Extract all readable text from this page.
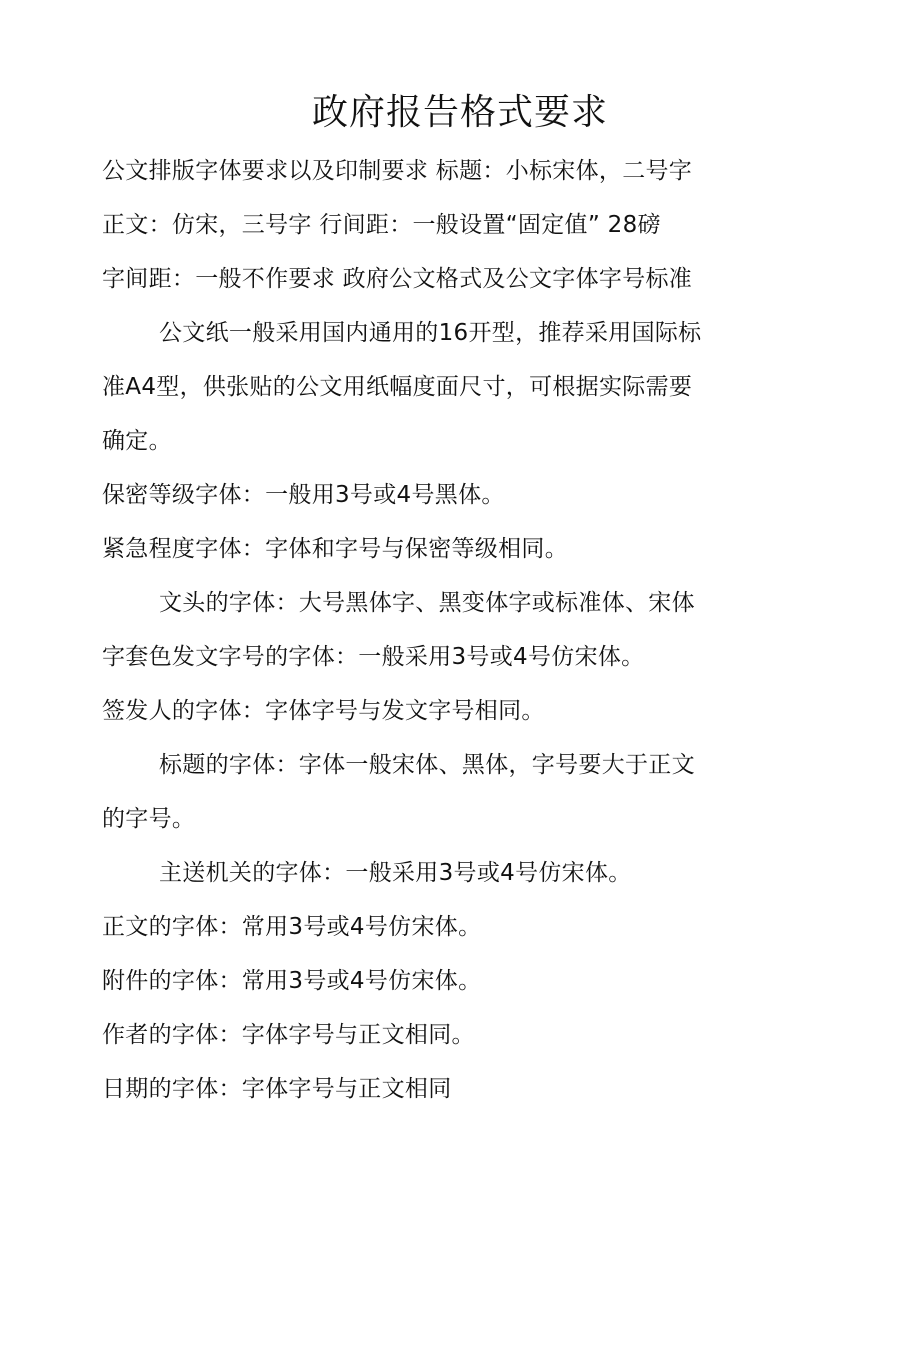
政府报告格式要求
公文排版字体要求以及印制要求 标题：小标宋体，二号字
正文：仿宋，三号字 行间距：一般设置“固定值” 28磅
字间距：一般不作要求 政府公文格式及公文字体字号标准
公文纸一般采用国内通用的16开型，推荐采用国际标
准A4型，供张贴的公文用纸幅度面尺寸，可根据实际需要
确定。
保密等级字体：一般用3号或4号黑体。
紧急程度字体：字体和字号与保密等级相同。
文头的字体：大号黑体字、黑变体字或标准体、宋体
字套色发文字号的字体：一般采用3号或4号仿宋体。
签发人的字体：字体字号与发文字号相同。
标题的字体：字体一般宋体、黑体，字号要大于正文
的字号。
主送机关的字体：一般采用3号或4号仿宋体。
正文的字体：常用3号或4号仿宋体。
附件的字体：常用3号或4号仿宋体。
作者的字体：字体字号与正文相同。
日期的字体：字体字号与正文相同
